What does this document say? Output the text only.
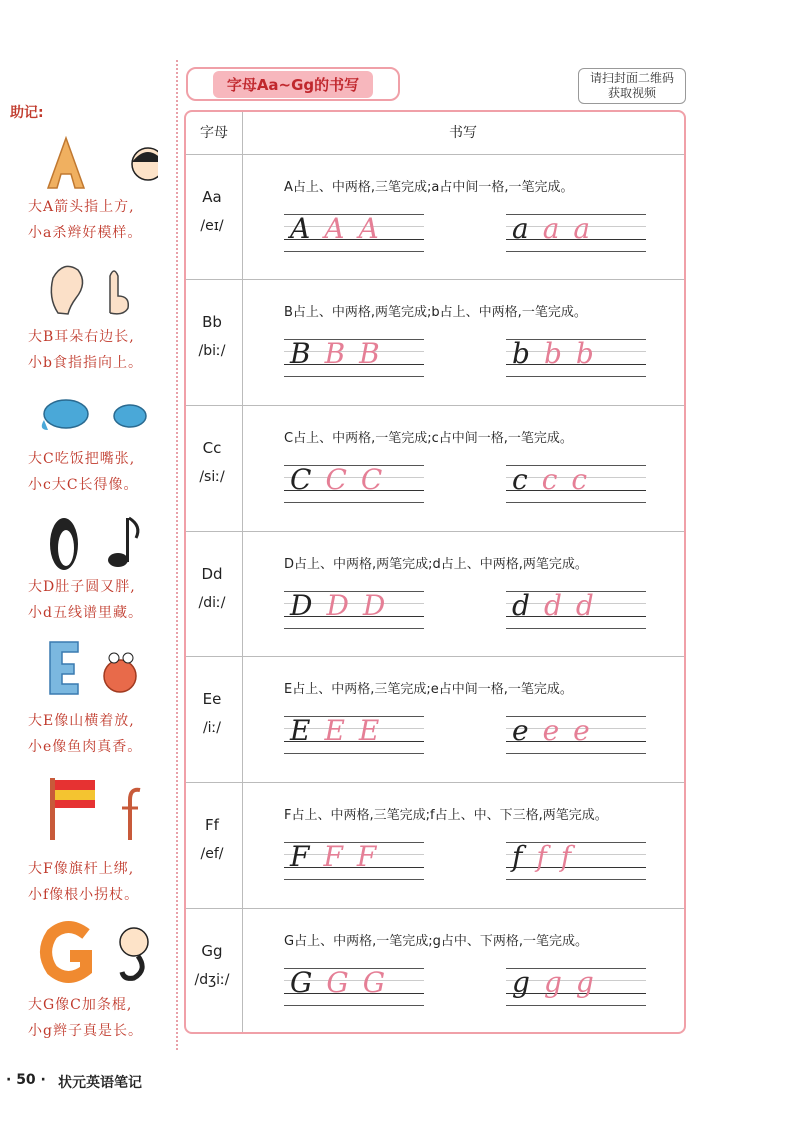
助记:
大A箭头指上方,
小a杀辫好模样。
大B耳朵右边长,
小b食指指向上。
大C吃饭把嘴张,
小c大C长得像。
大D肚子圆又胖,
小d五线谱里藏。
大E像山横着放,
小e像鱼肉真香。
大F像旗杆上绑,
小f像根小拐杖。
大G像C加条棍,
小g辫子真是长。
字母Aa~Gg的书写	请扫封面二维码
获取视频
字母	书写
Aa
/eɪ/
A占上、中两格,三笔完成;a占中间一格,一笔完成。
AAA	aaa
Bb
/biː/
B占上、中两格,两笔完成;b占上、中两格,一笔完成。
BBB	bbb
Cc
/siː/
C占上、中两格,一笔完成;c占中间一格,一笔完成。
CCC	ccc
Dd
/diː/
D占上、中两格,两笔完成;d占上、中两格,两笔完成。
DDD	ddd
Ee
/iː/
E占上、中两格,三笔完成;e占中间一格,一笔完成。
EEE	eee
Ff
/ef/
F占上、中两格,三笔完成;f占上、中、下三格,两笔完成。
FFF	fff
Gg
/dʒiː/
G占上、中两格,一笔完成;g占中、下两格,一笔完成。
GGG	ggg
· 50 · 状元英语笔记
